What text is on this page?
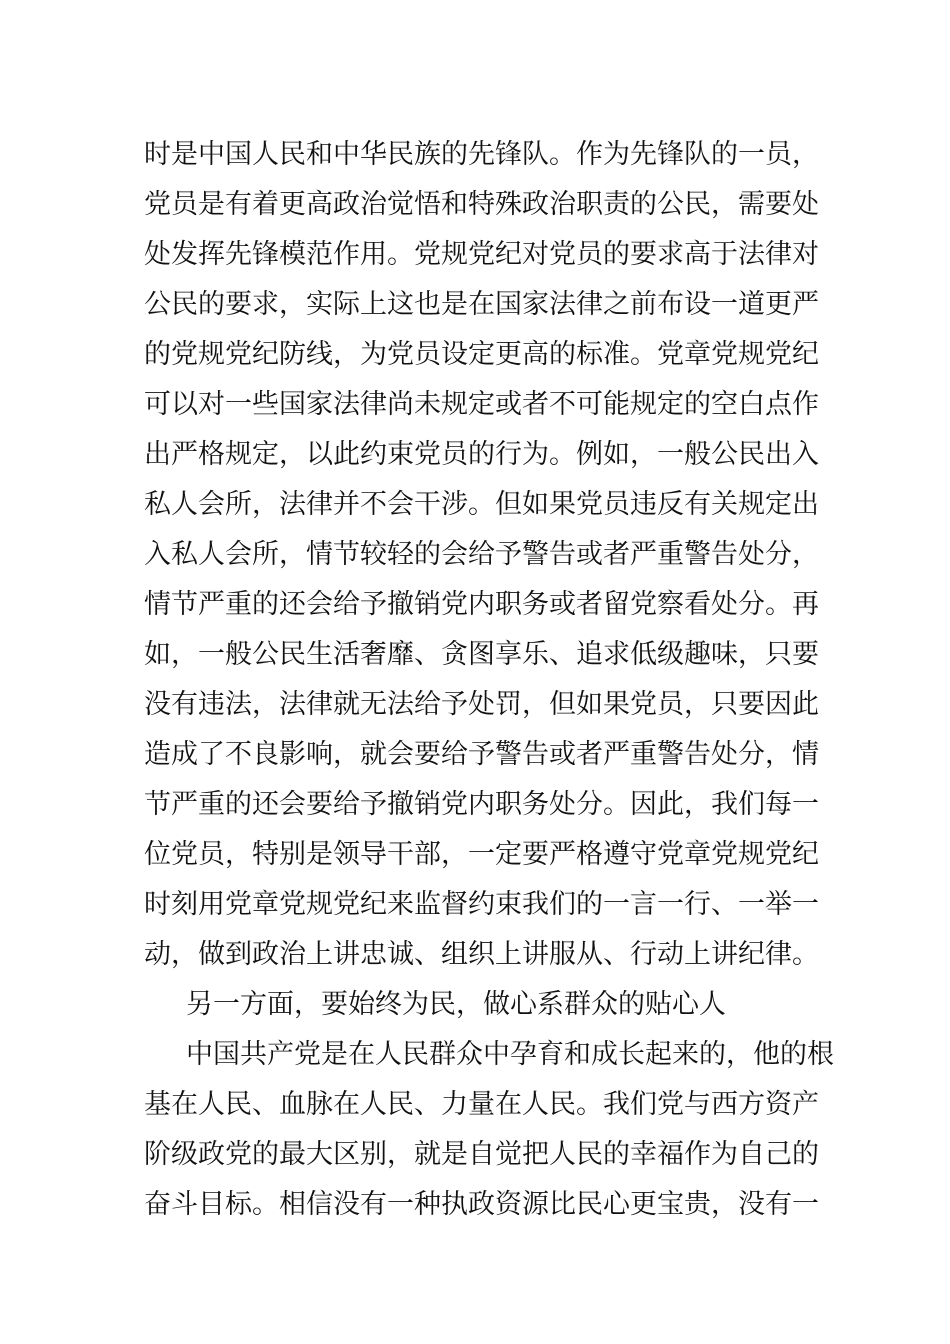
时是中国人民和中华民族的先锋队。作为先锋队的一员，
党员是有着更高政治觉悟和特殊政治职责的公民，需要处
处发挥先锋模范作用。党规党纪对党员的要求高于法律对
公民的要求，实际上这也是在国家法律之前布设一道更严
的党规党纪防线，为党员设定更高的标准。党章党规党纪
可以对一些国家法律尚未规定或者不可能规定的空白点作
出严格规定，以此约束党员的行为。例如，一般公民出入
私人会所，法律并不会干涉。但如果党员违反有关规定出
入私人会所，情节较轻的会给予警告或者严重警告处分，
情节严重的还会给予撤销党内职务或者留党察看处分。再
如，一般公民生活奢靡、贪图享乐、追求低级趣味，只要
没有违法，法律就无法给予处罚，但如果党员，只要因此
造成了不良影响，就会要给予警告或者严重警告处分，情
节严重的还会要给予撤销党内职务处分。因此，我们每一
位党员，特别是领导干部，一定要严格遵守党章党规党纪
时刻用党章党规党纪来监督约束我们的一言一行、一举一
动，做到政治上讲忠诚、组织上讲服从、行动上讲纪律。
另一方面，要始终为民，做心系群众的贴心人
中国共产党是在人民群众中孕育和成长起来的，他的根
基在人民、血脉在人民、力量在人民。我们党与西方资产
阶级政党的最大区别，就是自觉把人民的幸福作为自己的
奋斗目标。相信没有一种执政资源比民心更宝贵，没有一
